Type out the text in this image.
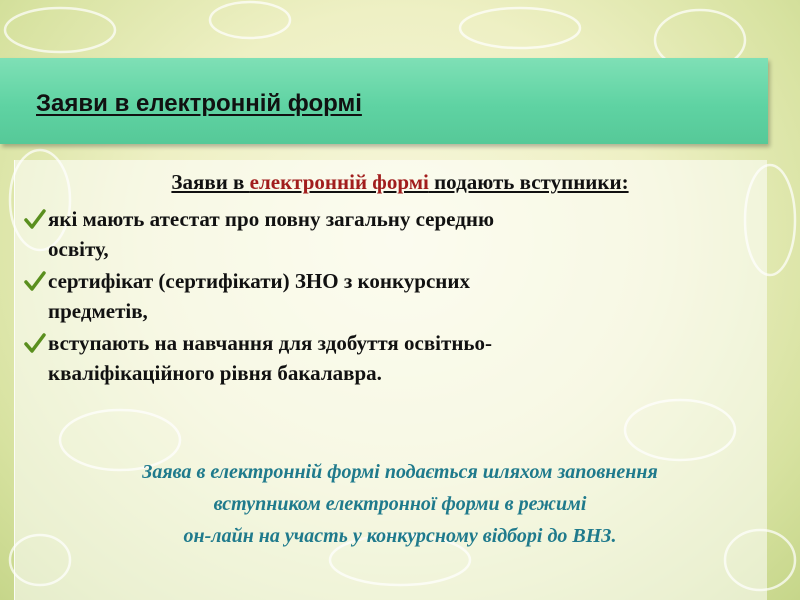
Заяви в електронній формі
Заяви в електронній формі подають вступники:
які мають атестат про повну загальну середню
освіту,
сертифікат (сертифікати) ЗНО з конкурсних
предметів,
вступають на навчання для здобуття освітньо-
кваліфікаційного рівня бакалавра.
Заява в електронній формі подається шляхом заповнення
вступником електронної форми в режимі
он-лайн на участь у конкурсному відборі до ВНЗ.
